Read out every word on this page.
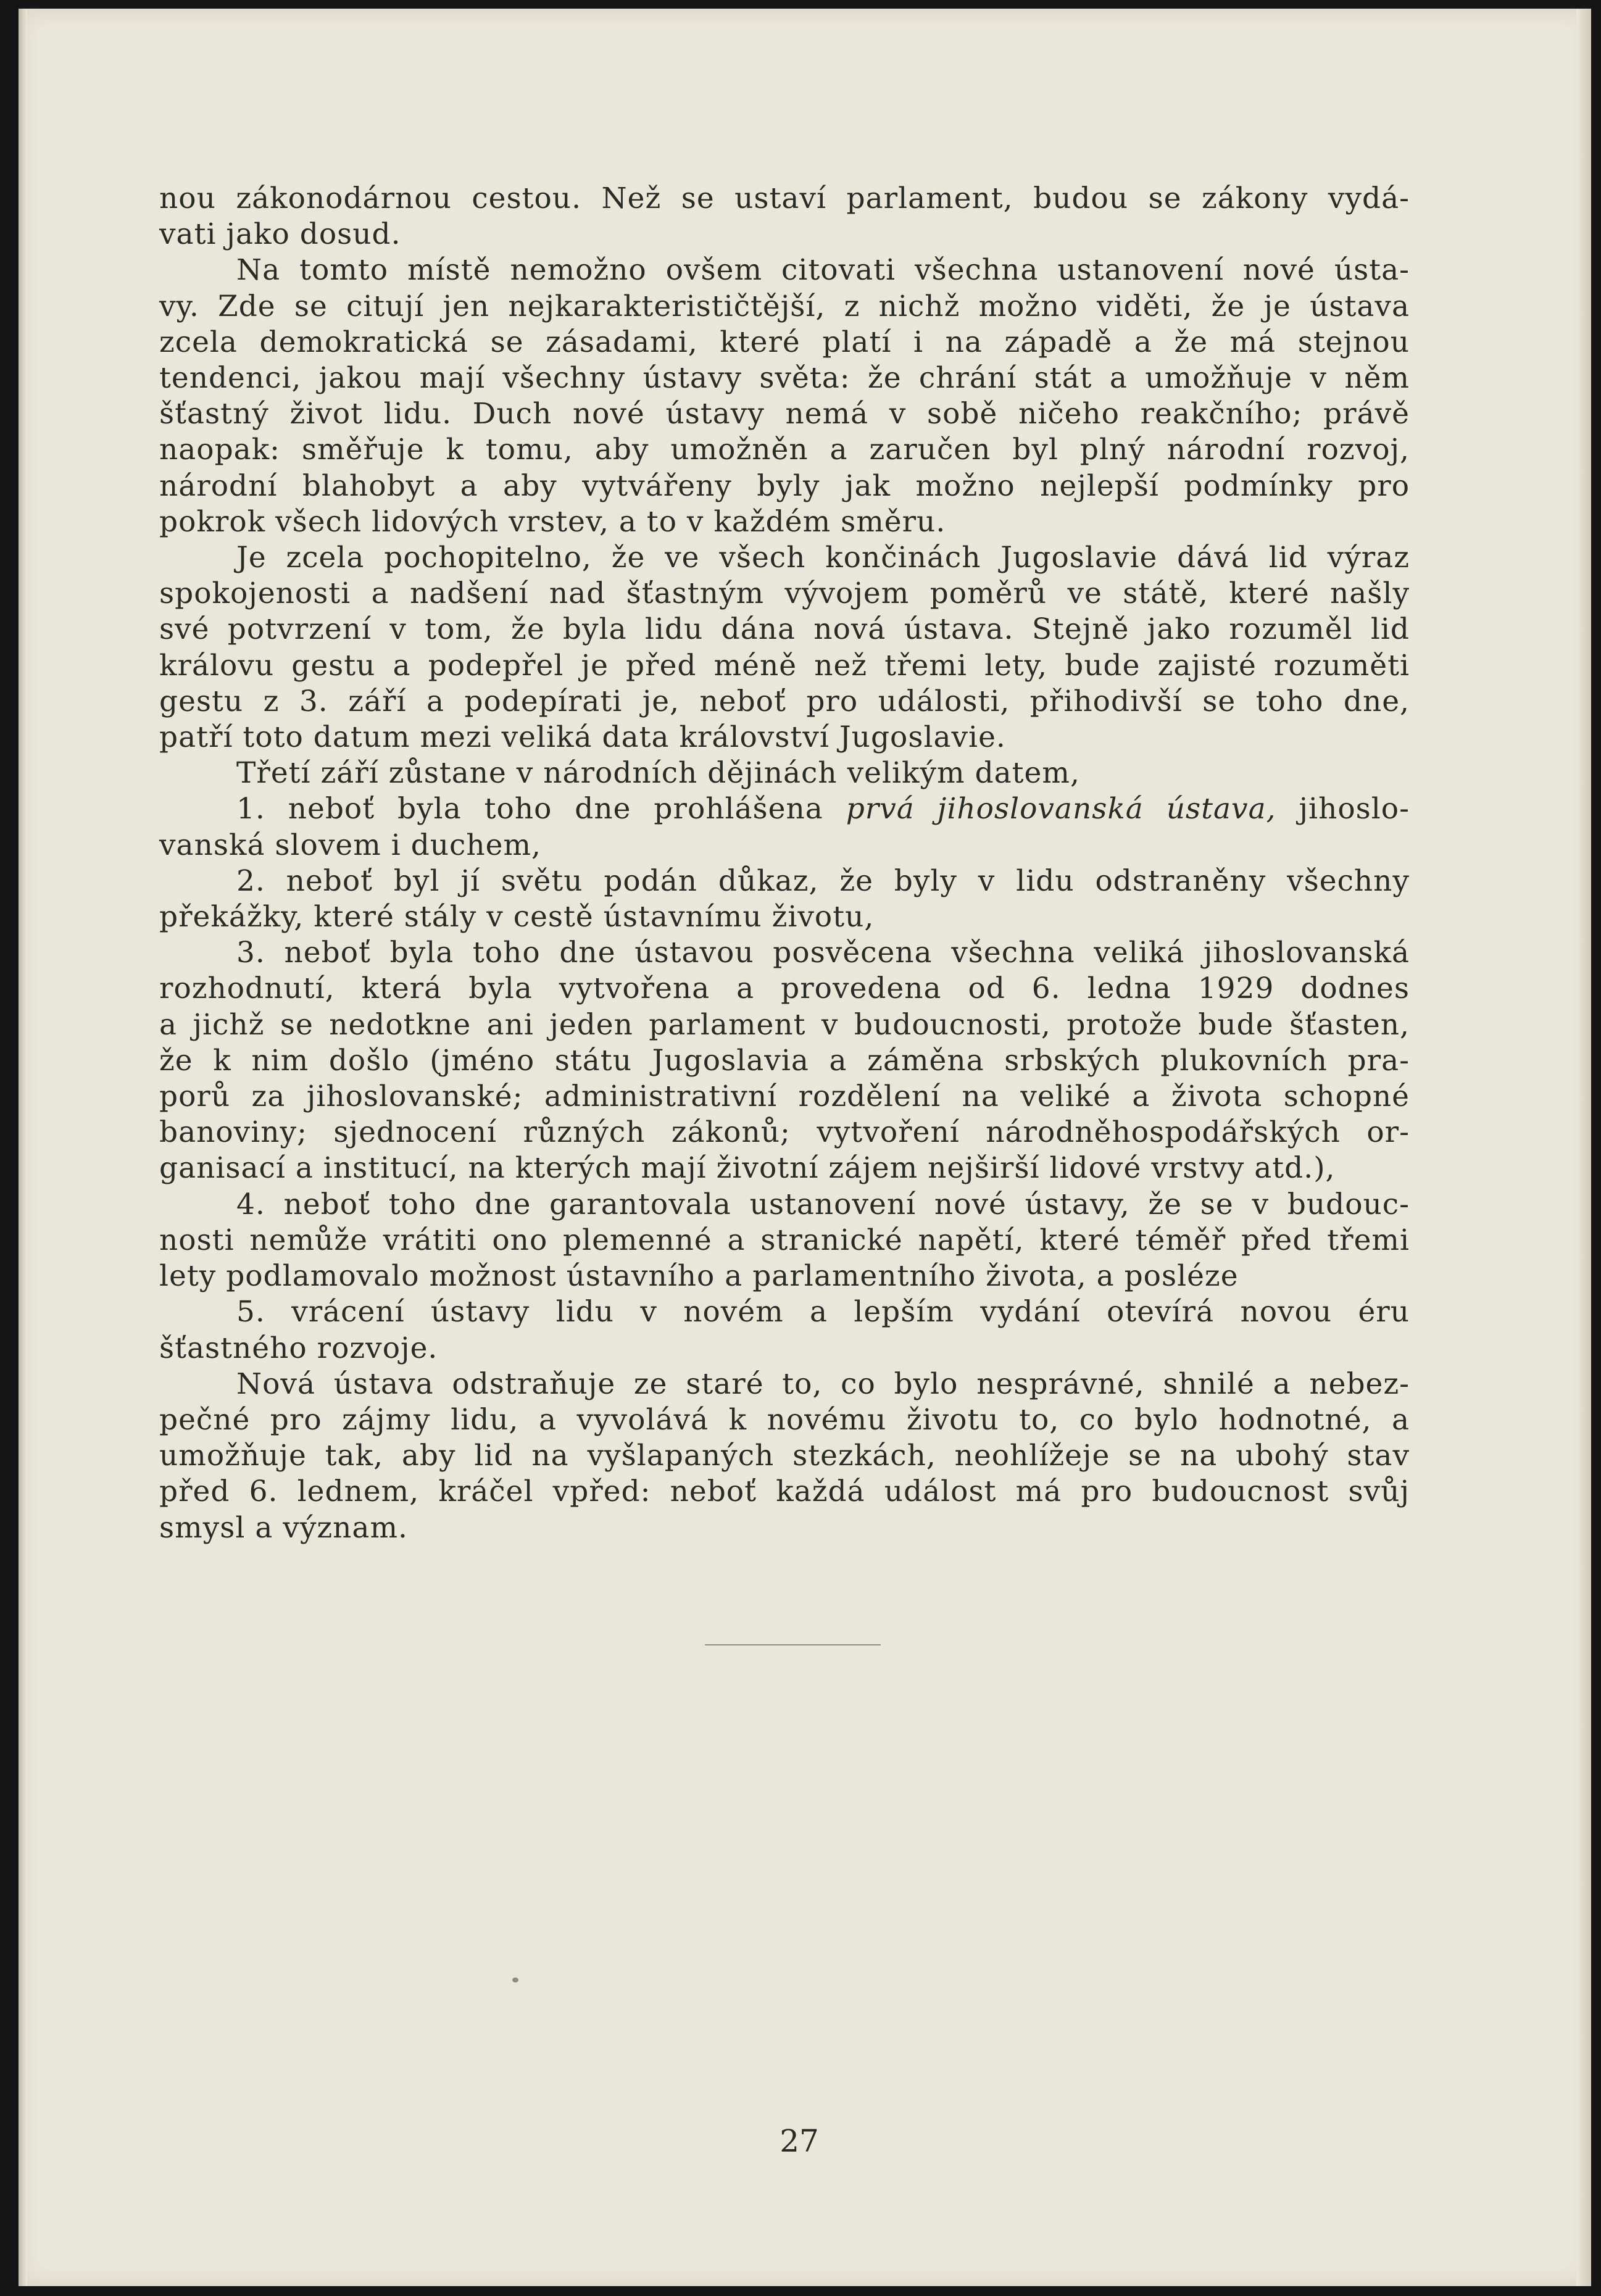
nou zákonodárnou cestou. Než se ustaví parlament, budou se zákony vydá-
vati jako dosud.
Na tomto místě nemožno ovšem citovati všechna ustanovení nové ústa-
vy. Zde se citují jen nejkarakterističtější, z nichž možno viděti, že je ústava
zcela demokratická se zásadami, které platí i na západě a že má stejnou
tendenci, jakou mají všechny ústavy světa: že chrání stát a umožňuje v něm
šťastný život lidu. Duch nové ústavy nemá v sobě ničeho reakčního; právě
naopak: směřuje k tomu, aby umožněn a zaručen byl plný národní rozvoj,
národní blahobyt a aby vytvářeny byly jak možno nejlepší podmínky pro
pokrok všech lidových vrstev, a to v každém směru.
Je zcela pochopitelno, že ve všech končinách Jugoslavie dává lid výraz
spokojenosti a nadšení nad šťastným vývojem poměrů ve státě, které našly
své potvrzení v tom, že byla lidu dána nová ústava. Stejně jako rozuměl lid
královu gestu a podepřel je před méně než třemi lety, bude zajisté rozuměti
gestu z 3. září a podepírati je, neboť pro události, přihodivší se toho dne,
patří toto datum mezi veliká data království Jugoslavie.
Třetí září zůstane v národních dějinách velikým datem,
1. neboť byla toho dne prohlášena prvá jihoslovanská ústava, jihoslo-
vanská slovem i duchem,
2. neboť byl jí světu podán důkaz, že byly v lidu odstraněny všechny
překážky, které stály v cestě ústavnímu životu,
3. neboť byla toho dne ústavou posvěcena všechna veliká jihoslovanská
rozhodnutí, která byla vytvořena a provedena od 6. ledna 1929 dodnes
a jichž se nedotkne ani jeden parlament v budoucnosti, protože bude šťasten,
že k nim došlo (jméno státu Jugoslavia a záměna srbských plukovních pra-
porů za jihoslovanské; administrativní rozdělení na veliké a života schopné
banoviny; sjednocení různých zákonů; vytvoření národněhospodářských or-
ganisací a institucí, na kterých mají životní zájem nejširší lidové vrstvy atd.),
4. neboť toho dne garantovala ustanovení nové ústavy, že se v budouc-
nosti nemůže vrátiti ono plemenné a stranické napětí, které téměř před třemi
lety podlamovalo možnost ústavního a parlamentního života, a posléze
5. vrácení ústavy lidu v novém a lepším vydání otevírá novou éru
šťastného rozvoje.
Nová ústava odstraňuje ze staré to, co bylo nesprávné, shnilé a nebez-
pečné pro zájmy lidu, a vyvolává k novému životu to, co bylo hodnotné, a
umožňuje tak, aby lid na vyšlapaných stezkách, neohlížeje se na ubohý stav
před 6. lednem, kráčel vpřed: neboť každá událost má pro budoucnost svůj
smysl a význam.
27
